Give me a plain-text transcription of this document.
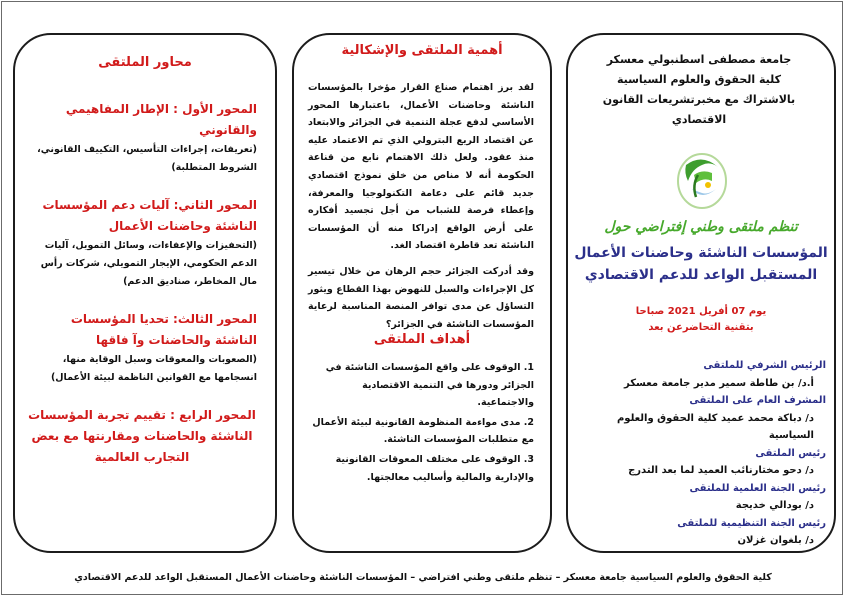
جامعة مصطفى اسطنبولي معسكر
كلية الحقوق والعلوم السياسية
بالاشتراك مع مخبرتشريعات القانون الاقتصادي
تنظم ملتقى وطني إفتراضي حول
المؤسسات الناشئة وحاضنات الأعمال
المستقبل الواعد للدعم الاقتصادي
يوم 07 أفريل 2021 صباحا
بتقنية التحاضرعن بعد
الرئيس الشرفي للملتقى
أ.د/ بن طاطة سمير مدير جامعة معسكر
المشرف العام على الملتقى
د/ دباكة محمد عميد كلية الحقوق والعلوم السياسية
رئيس الملتقى
د/ دحو مختارنائب العميد لما بعد التدرج
رئيس الجنة العلمية للملتقى
د/ بودالي خديجة
رئيس الجنة التنظيمية للملتقى
د/ بلغوان غزلان
أهمية الملتقى والإشكالية

لقد برز اهتمام صناع القرار مؤخرا بالمؤسسات الناشئة وحاضنات الأعمال، باعتبارها المحور الأساسي لدفع عجلة التنمية في الجزائر والابتعاد عن اقتصاد الريع البترولي الذي تم الاعتماد عليه منذ عقود. ولعل ذلك الاهتمام نابع من قناعة الحكومة أنه لا مناص من خلق نموذج اقتصادي جديد قائم على دعامة التكنولوجيا والمعرفة، وإعطاء فرصة للشباب من أجل تجسيد أفكاره على أرض الواقع إدراكا منه أن المؤسسات الناشئة تعد قاطرة اقتصاد الغد.

وقد أدركت الجزائر حجم الرهان من خلال تيسير كل الإجراءات والسبل للنهوض بهذا القطاع ويثور التساؤل عن مدى توافر المنصة المناسبة لرعاية المؤسسات الناشئة في الجزائر؟

أهداف الملتقى
1. الوقوف على واقع المؤسسات الناشئة في الجزائر ودورها في التنمية الاقتصادية والاجتماعية.
2. مدى مواءمة المنظومة القانونية لبيئة الأعمال مع متطلبات المؤسسات الناشئة.
3. الوقوف على مختلف المعوقات القانونية والإدارية والمالية وأساليب معالجتها.
محاور الملتقى
المحور الأول : الإطار المفاهيمي والقانوني
(تعريفات، إجراءات التأسيس، التكييف القانوني، الشروط المتطلبة)
المحور الثاني: آليات دعم المؤسسات الناشئة وحاضنات الأعمال
(التحفيزات والإعفاءات، وسائل التمويل، آليات الدعم الحكومي، الإيجار التمويلي، شركات رأس مال المخاطر، صناديق الدعم)
المحور الثالث: تحديا المؤسسات الناشئة والحاضنات وآ فاقها
(الصعوبات والمعوقات وسبل الوقاية منها، انسجامها مع القوانين الناظمة لبيئة الأعمال)
المحور الرابع : تقييم تجربة المؤسسات الناشئة والحاضنات ومقارنتها مع بعض التجارب العالمية
كلية الحقوق والعلوم السياسية جامعة معسكر – تنظم ملتقى وطني افتراضي – المؤسسات الناشئة وحاضنات الأعمال المستقبل الواعد للدعم الاقتصادي
